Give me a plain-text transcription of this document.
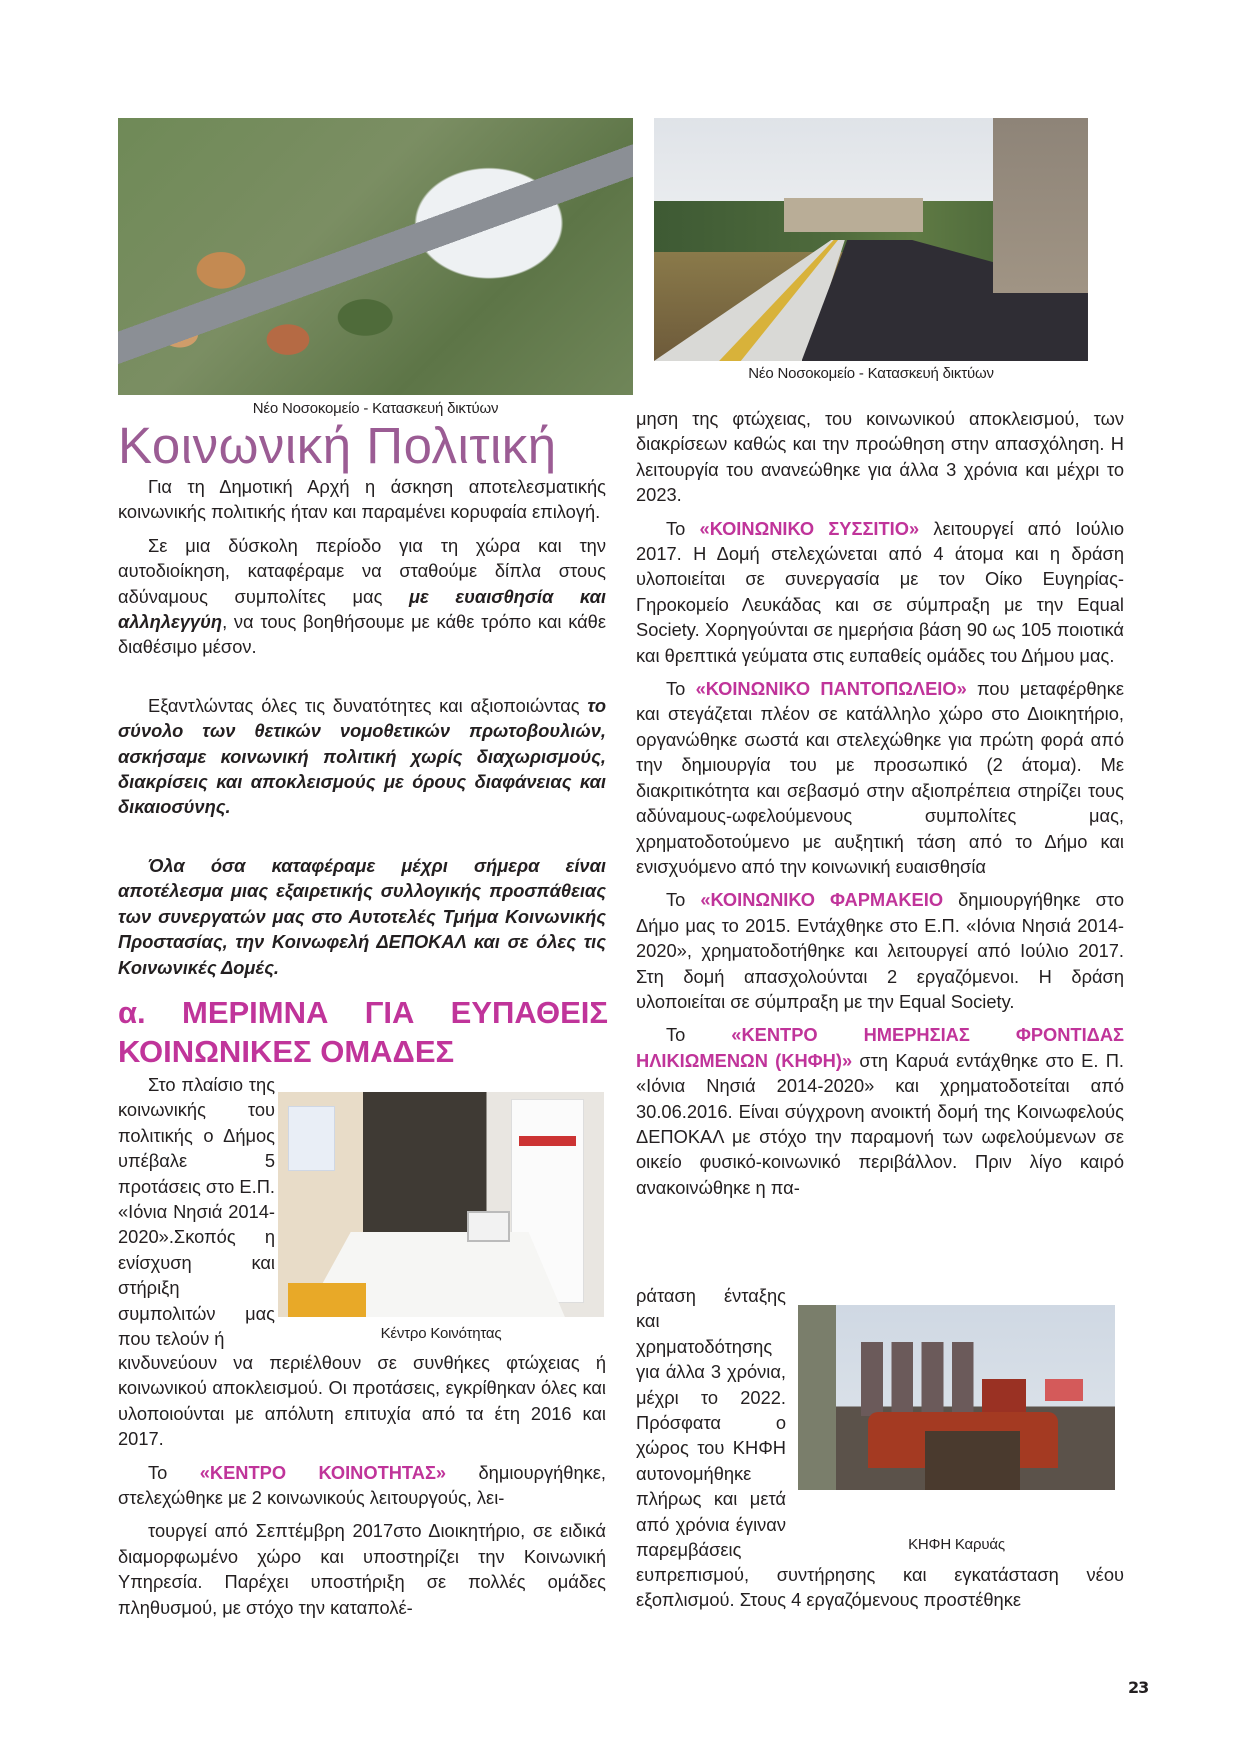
Νέο Νοσοκομείο - Κατασκευή δικτύων
Νέο Νοσοκομείο - Κατασκευή δικτύων
Κοινωνική Πολιτική

Για τη Δημοτική Αρχή η άσκηση αποτελεσματικής κοινωνικής πολιτικής ήταν και παραμένει κορυφαία επιλογή.

Σε μια δύσκολη περίοδο για τη χώρα και την αυτοδιοίκηση, καταφέραμε να σταθούμε δίπλα στους αδύναμους συμπολίτες μας με ευαισθησία και αλληλεγγύη, να τους βοηθήσουμε με κάθε τρόπο και κάθε διαθέσιμο μέσον.

Εξαντλώντας όλες τις δυνατότητες και αξιοποιώντας το σύνολο των θετικών νομοθετικών πρωτοβουλιών, ασκήσαμε κοινωνική πολιτική χωρίς διαχωρισμούς, διακρίσεις και αποκλεισμούς με όρους διαφάνειας και δικαιοσύνης.

Όλα όσα καταφέραμε μέχρι σήμερα είναι αποτέλεσμα μιας εξαιρετικής συλλογικής προσπάθειας των συνεργατών μας στο Αυτοτελές Τμήμα Κοινωνικής Προστασίας, την Κοινωφελή ΔΕΠΟΚΑΛ και σε όλες τις Κοινωνικές Δομές.

α. ΜΕΡΙΜΝΑ ΓΙΑ ΕΥΠΑΘΕΙΣ ΚΟΙΝΩΝΙΚΕΣ ΟΜΑΔΕΣ

Στο πλαίσιο της κοινωνικής του πολιτικής ο Δήμος υπέβαλε 5 προτάσεις στο Ε.Π. «Ιόνια Νησιά 2014-2020».Σκοπός η ενίσχυση και στήριξη συμπολιτών μας που τελούν ή	Κέντρο Κοινότητας

κινδυνεύουν να περιέλθουν σε συνθήκες φτώχειας ή κοινωνικού αποκλεισμού. Οι προτάσεις, εγκρίθηκαν όλες και υλοποιούνται με απόλυτη επιτυχία από τα έτη 2016 και 2017.

Το «ΚΕΝΤΡΟ ΚΟΙΝΟΤΗΤΑΣ» δημιουργήθηκε, στελεχώθηκε με 2 κοινωνικούς λειτουργούς, λει-

τουργεί από Σεπτέμβρη 2017στο Διοικητήριο, σε ειδικά διαμορφωμένο χώρο και υποστηρίζει την Κοινωνική Υπηρεσία. Παρέχει υποστήριξη σε πολλές ομάδες πληθυσμού, με στόχο την καταπολέ-

μηση της φτώχειας, του κοινωνικού αποκλεισμού, των διακρίσεων καθώς και την προώθηση στην απασχόληση. Η λειτουργία του ανανεώθηκε για άλλα 3 χρόνια και μέχρι το 2023.

Το «ΚΟΙΝΩΝΙΚΟ ΣΥΣΣΙΤΙΟ» λειτουργεί από Ιούλιο 2017. Η Δομή στελεχώνεται από 4 άτομα και η δράση υλοποιείται σε συνεργασία με τον Οίκο Ευγηρίας-Γηροκομείο Λευκάδας και σε σύμπραξη με την Equal Society. Χορηγούνται σε ημερήσια βάση 90 ως 105 ποιοτικά και θρεπτικά γεύματα στις ευπαθείς ομάδες του Δήμου μας.

Το «ΚΟΙΝΩΝΙΚΟ ΠΑΝΤΟΠΩΛΕΙΟ» που μεταφέρθηκε και στεγάζεται πλέον σε κατάλληλο χώρο στο Διοικητήριο, οργανώθηκε σωστά και στελεχώθηκε για πρώτη φορά από την δημιουργία του με προσωπικό (2 άτομα). Με διακριτικότητα και σεβασμό στην αξιοπρέπεια στηρίζει τους αδύναμους-ωφελούμενους συμπολίτες μας, χρηματοδοτούμενο με αυξητική τάση από το Δήμο και ενισχυόμενο από την κοινωνική ευαισθησία

Το «ΚΟΙΝΩΝΙΚΟ ΦΑΡΜΑΚΕΙΟ δημιουργήθηκε στο Δήμο μας το 2015. Εντάχθηκε στο Ε.Π. «Ιόνια Νησιά 2014-2020», χρηματοδοτήθηκε και λειτουργεί από Ιούλιο 2017. Στη δομή απασχολούνται 2 εργαζόμενοι. Η δράση υλοποιείται σε σύμπραξη με την Equal Society.

Το «ΚΕΝΤΡΟ ΗΜΕΡΗΣΙΑΣ ΦΡΟΝΤΙΔΑΣ ΗΛΙΚΙΩΜΕΝΩΝ (ΚΗΦΗ)» στη Καρυά εντάχθηκε στο Ε. Π. «Ιόνια Νησιά 2014-2020» και χρηματοδοτείται από 30.06.2016. Είναι σύγχρονη ανοικτή δομή της Κοινωφελούς ΔΕΠΟΚΑΛ με στόχο την παραμονή των ωφελούμενων σε οικείο φυσικό-κοινωνικό περιβάλλον. Πριν λίγο καιρό ανακοινώθηκε η πα-

ράταση ένταξης και χρηματοδότησης για άλλα 3 χρόνια, μέχρι το 2022. Πρόσφατα ο χώρος του ΚΗΦΗ αυτονομήθηκε πλήρως και μετά από χρόνια έγιναν παρεμβάσεις	ΚΗΦΗ Καρυάς

ευπρεπισμού, συντήρησης και εγκατάσταση νέου εξοπλισμού. Στους 4 εργαζόμενους προστέθηκε

23
